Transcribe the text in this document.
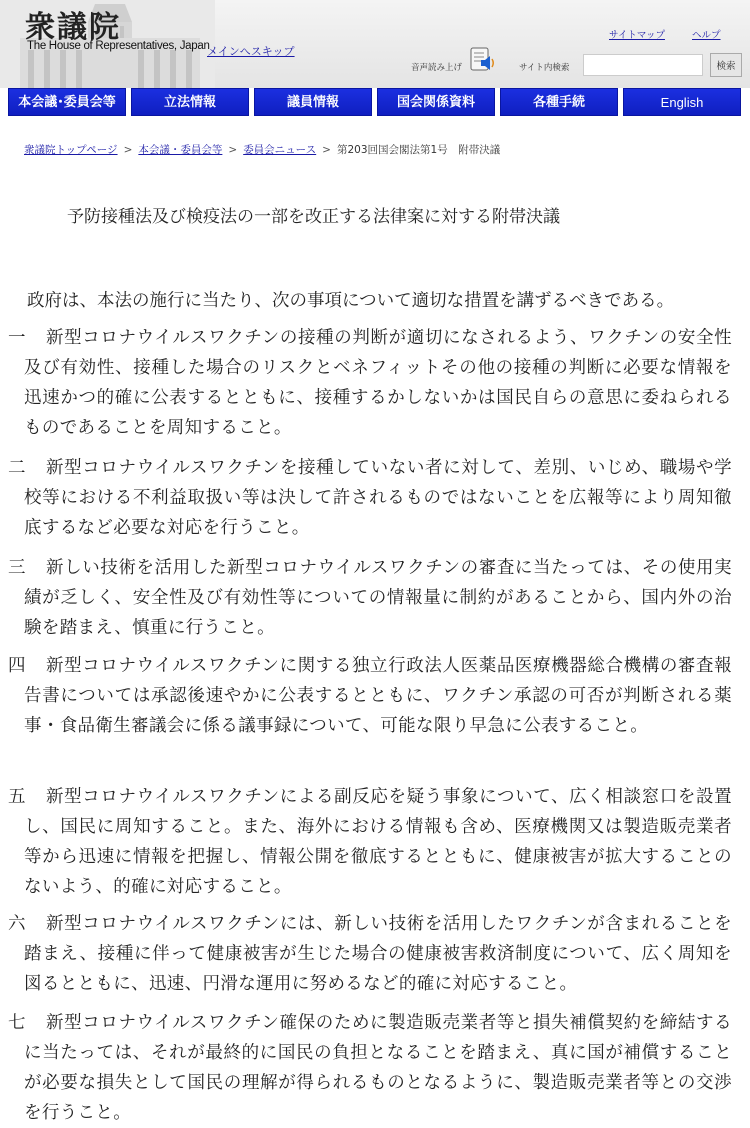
衆議院
The House of Representatives, Japan
メインへスキップ
サイトマップ	ヘルプ
音声読み上げ	サイト内検索	検索
本会議･委員会等	立法情報	議員情報	国会関係資料	各種手続	English
衆議院トップページ > 本会議・委員会等 > 委員会ニュース > 第203回国会閣法第1号　附帯決議
予防接種法及び検疫法の一部を改正する法律案に対する附帯決議
政府は、本法の施行に当たり、次の事項について適切な措置を講ずるべきである。
一	新型コロナウイルスワクチンの接種の判断が適切になされるよう、ワクチンの安全性及び有効性、接種した場合のリスクとベネフィットその他の接種の判断に必要な情報を迅速かつ的確に公表するとともに、接種するかしないかは国民自らの意思に委ねられるものであることを周知すること。
二	新型コロナウイルスワクチンを接種していない者に対して、差別、いじめ、職場や学校等における不利益取扱い等は決して許されるものではないことを広報等により周知徹底するなど必要な対応を行うこと。
三	新しい技術を活用した新型コロナウイルスワクチンの審査に当たっては、その使用実績が乏しく、安全性及び有効性等についての情報量に制約があることから、国内外の治験を踏まえ、慎重に行うこと。
四	新型コロナウイルスワクチンに関する独立行政法人医薬品医療機器総合機構の審査報告書については承認後速やかに公表するとともに、ワクチン承認の可否が判断される薬事・食品衛生審議会に係る議事録について、可能な限り早急に公表すること。
五	新型コロナウイルスワクチンによる副反応を疑う事象について、広く相談窓口を設置し、国民に周知すること。また、海外における情報も含め、医療機関又は製造販売業者等から迅速に情報を把握し、情報公開を徹底するとともに、健康被害が拡大することのないよう、的確に対応すること。
六	新型コロナウイルスワクチンには、新しい技術を活用したワクチンが含まれることを踏まえ、接種に伴って健康被害が生じた場合の健康被害救済制度について、広く周知を図るとともに、迅速、円滑な運用に努めるなど的確に対応すること。
七	新型コロナウイルスワクチン確保のために製造販売業者等と損失補償契約を締結するに当たっては、それが最終的に国民の負担となることを踏まえ、真に国が補償することが必要な損失として国民の理解が得られるものとなるように、製造販売業者等との交渉を行うこと。
